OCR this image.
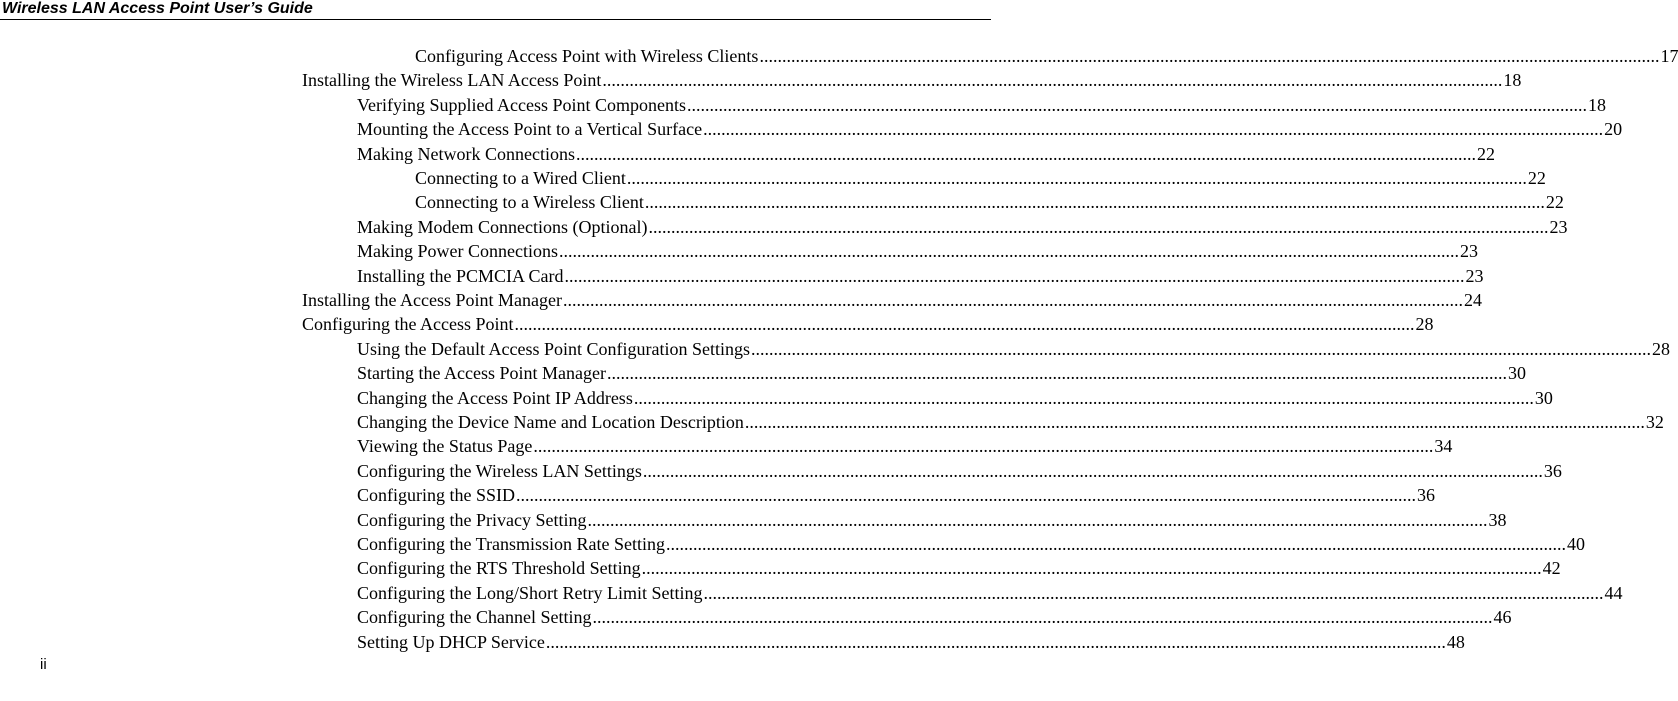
Wireless LAN Access Point User’s Guide
Configuring Access Point with Wireless Clients ........................................................................................................................................................................................................ 17
Installing the Wireless LAN Access Point ........................................................................................................................................................................................................ 18
Verifying Supplied Access Point Components ........................................................................................................................................................................................................ 18
Mounting the Access Point to a Vertical Surface ........................................................................................................................................................................................................ 20
Making Network Connections ........................................................................................................................................................................................................ 22
Connecting to a Wired Client ........................................................................................................................................................................................................ 22
Connecting to a Wireless Client ........................................................................................................................................................................................................ 22
Making Modem Connections (Optional) ........................................................................................................................................................................................................ 23
Making Power Connections ........................................................................................................................................................................................................ 23
Installing the PCMCIA Card ........................................................................................................................................................................................................ 23
Installing the Access Point Manager ........................................................................................................................................................................................................ 24
Configuring the Access Point ........................................................................................................................................................................................................ 28
Using the Default Access Point Configuration Settings ........................................................................................................................................................................................................ 28
Starting the Access Point Manager ........................................................................................................................................................................................................ 30
Changing the Access Point IP Address ........................................................................................................................................................................................................ 30
Changing the Device Name and Location Description ........................................................................................................................................................................................................ 32
Viewing the Status Page ........................................................................................................................................................................................................ 34
Configuring the Wireless LAN Settings ........................................................................................................................................................................................................ 36
Configuring the SSID ........................................................................................................................................................................................................ 36
Configuring the Privacy Setting ........................................................................................................................................................................................................ 38
Configuring the Transmission Rate Setting ........................................................................................................................................................................................................ 40
Configuring the RTS Threshold Setting ........................................................................................................................................................................................................ 42
Configuring the Long/Short Retry Limit Setting ........................................................................................................................................................................................................ 44
Configuring the Channel Setting ........................................................................................................................................................................................................ 46
Setting Up DHCP Service ........................................................................................................................................................................................................ 48
ii
